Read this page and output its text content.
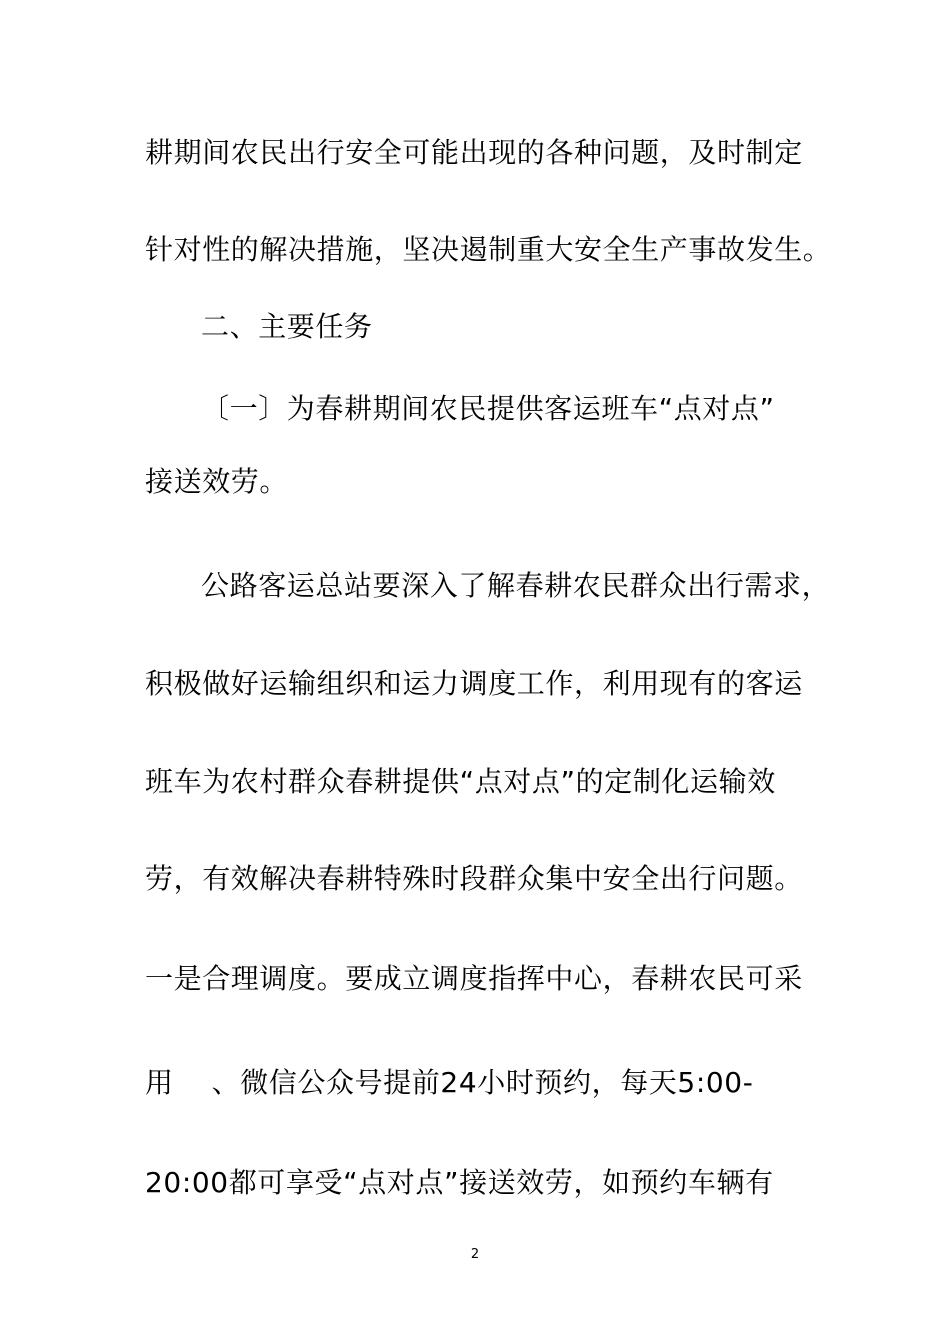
耕期间农民出行安全可能出现的各种问题，及时制定

针对性的解决措施，坚决遏制重大安全生产事故发生。

二、主要任务

〔一〕为春耕期间农民提供客运班车“点对点”

接送效劳。

公路客运总站要深入了解春耕农民群众出行需求，

积极做好运输组织和运力调度工作，利用现有的客运

班车为农村群众春耕提供“点对点”的定制化运输效

劳，有效解决春耕特殊时段群众集中安全出行问题。

一是合理调度。要成立调度指挥中心，春耕农民可采

用    、微信公众号提前24小时预约，每天5:00-

20:00都可享受“点对点”接送效劳，如预约车辆有

2
